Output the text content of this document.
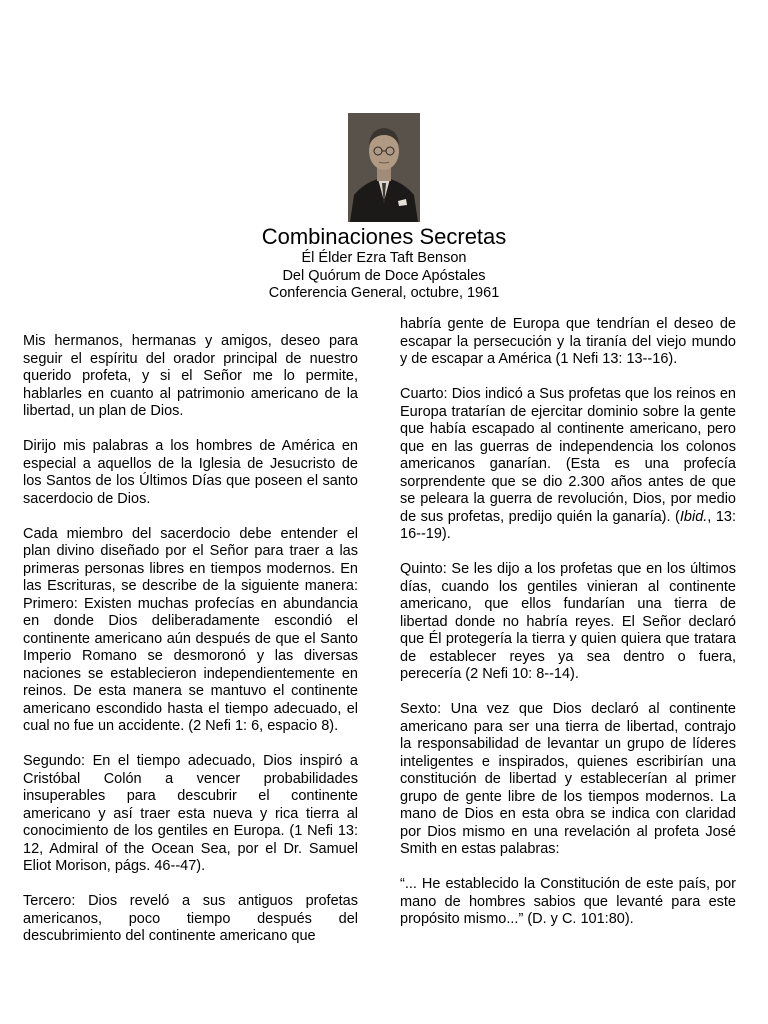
Combinaciones Secretas
Él Élder Ezra Taft Benson
Del Quórum de Doce Apóstales
Conferencia General, octubre, 1961

Mis hermanos, hermanas y amigos, deseo para seguir el espíritu del orador principal de nuestro querido profeta, y si el Señor me lo permite, hablarles en cuanto al patrimonio americano de la libertad, un plan de Dios.

Dirijo mis palabras a los hombres de América en especial a aquellos de la Iglesia de Jesucristo de los Santos de los Últimos Días que poseen el santo sacerdocio de Dios.

Cada miembro del sacerdocio debe entender el plan divino diseñado por el Señor para traer a las primeras personas libres en tiempos modernos. En las Escrituras, se describe de la siguiente manera: Primero: Existen muchas profecías en abundancia en donde Dios deliberadamente escondió el continente americano aún después de que el Santo Imperio Romano se desmoronó y las diversas naciones se establecieron independientemente en reinos. De esta manera se mantuvo el continente americano escondido hasta el tiempo adecuado, el cual no fue un accidente. (2 Nefi 1: 6, espacio 8).

Segundo: En el tiempo adecuado, Dios inspiró a Cristóbal Colón a vencer probabilidades insuperables para descubrir el continente americano y así traer esta nueva y rica tierra al conocimiento de los gentiles en Europa. (1 Nefi 13: 12, Admiral of the Ocean Sea, por el Dr. Samuel Eliot Morison, págs. 46--47).

Tercero: Dios reveló a sus antiguos profetas americanos, poco tiempo después del descubrimiento del continente americano que

habría gente de Europa que tendrían el deseo de escapar la persecución y la tiranía del viejo mundo y de escapar a América (1 Nefi 13: 13--16).

Cuarto: Dios indicó a Sus profetas que los reinos en Europa tratarían de ejercitar dominio sobre la gente que había escapado al continente americano, pero que en las guerras de independencia los colonos americanos ganarían. (Esta es una profecía sorprendente que se dio 2.300 años antes de que se peleara la guerra de revolución, Dios, por medio de sus profetas, predijo quién la ganaría). (Ibid., 13: 16--19).

Quinto: Se les dijo a los profetas que en los últimos días, cuando los gentiles vinieran al continente americano, que ellos fundarían una tierra de libertad donde no habría reyes. El Señor declaró que Él protegería la tierra y quien quiera que tratara de establecer reyes ya sea dentro o fuera, perecería (2 Nefi 10: 8--14).

Sexto: Una vez que Dios declaró al continente americano para ser una tierra de libertad, contrajo la responsabilidad de levantar un grupo de líderes inteligentes e inspirados, quienes escribirían una constitución de libertad y establecerían al primer grupo de gente libre de los tiempos modernos. La mano de Dios en esta obra se indica con claridad por Dios mismo en una revelación al profeta José Smith en estas palabras:

“... He establecido la Constitución de este país, por mano de hombres sabios que levanté para este propósito mismo...” (D. y C. 101:80).
